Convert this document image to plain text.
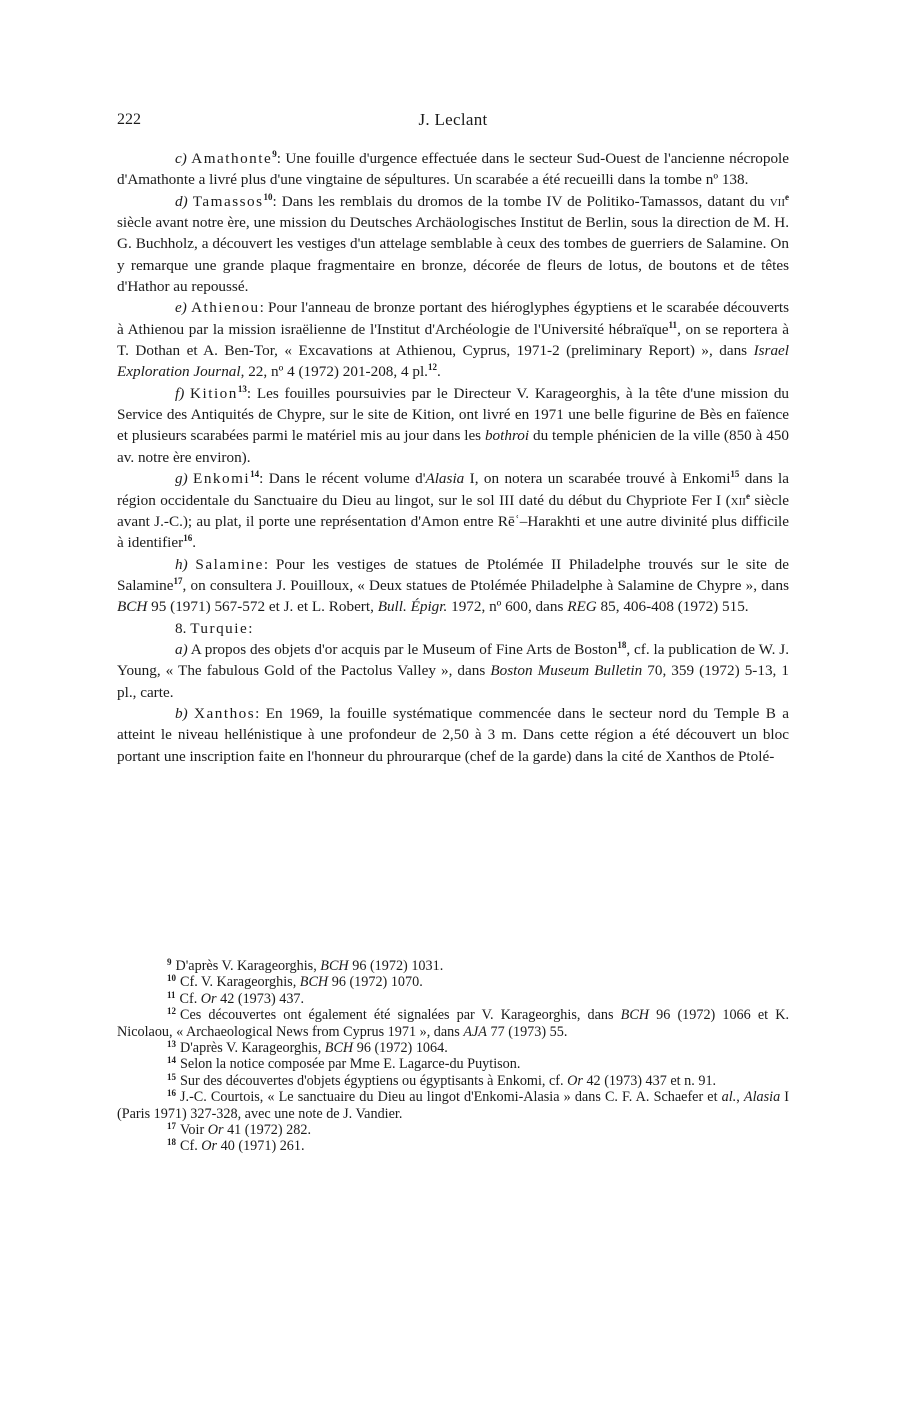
222	J. Leclant

c) Amathonte$^9$: Une fouille d'urgence effectuée dans le secteur Sud-Ouest de l'ancienne nécropole d'Amathonte a livré plus d'une vingtaine de sépultures. Un scarabée a été recueilli dans la tombe nº 138.

d) Tamassos$^{10}$: Dans les remblais du dromos de la tombe IV de Politiko-Tamassos, datant du vii$^e$ siècle avant notre ère, une mission du Deutsches Archäologisches Institut de Berlin, sous la direction de M. H. G. Buchholz, a découvert les vestiges d'un attelage semblable à ceux des tombes de guerriers de Salamine. On y remarque une grande plaque fragmentaire en bronze, décorée de fleurs de lotus, de boutons et de têtes d'Hathor au repoussé.

e) Athienou: Pour l'anneau de bronze portant des hiéroglyphes égyptiens et le scarabée découverts à Athienou par la mission israëlienne de l'Institut d'Archéologie de l'Université hébraïque$^{11}$, on se reportera à T. Dothan et A. Ben-Tor, « Excavations at Athienou, Cyprus, 1971-2 (preliminary Report) », dans Israel Exploration Journal, 22, nº 4 (1972) 201-208, 4 pl.$^{12}$.

f) Kition$^{13}$: Les fouilles poursuivies par le Directeur V. Karageorghis, à la tête d'une mission du Service des Antiquités de Chypre, sur le site de Kition, ont livré en 1971 une belle figurine de Bès en faïence et plusieurs scarabées parmi le matériel mis au jour dans les bothroi du temple phénicien de la ville (850 à 450 av. notre ère environ).

g) Enkomi$^{14}$: Dans le récent volume d'Alasia I, on notera un scarabée trouvé à Enkomi$^{15}$ dans la région occidentale du Sanctuaire du Dieu au lingot, sur le sol III daté du début du Chypriote Fer I (xii$^e$ siècle avant J.-C.); au plat, il porte une représentation d'Amon entre Rēʿ–Harakhti et une autre divinité plus difficile à identifier$^{16}$.

h) Salamine: Pour les vestiges de statues de Ptolémée II Philadelphe trouvés sur le site de Salamine$^{17}$, on consultera J. Pouilloux, « Deux statues de Ptolémée Philadelphe à Salamine de Chypre », dans BCH 95 (1971) 567-572 et J. et L. Robert, Bull. Épigr. 1972, nº 600, dans REG 85, 406-408 (1972) 515.

8. Turquie:

a) A propos des objets d'or acquis par le Museum of Fine Arts de Boston$^{18}$, cf. la publication de W. J. Young, « The fabulous Gold of the Pactolus Valley », dans Boston Museum Bulletin 70, 359 (1972) 5-13, 1 pl., carte.

b) Xanthos: En 1969, la fouille systématique commencée dans le secteur nord du Temple B a atteint le niveau hellénistique à une profondeur de 2,50 à 3 m. Dans cette région a été découvert un bloc portant une inscription faite en l'honneur du phrourarque (chef de la garde) dans la cité de Xanthos de Ptolé-

$^9$ D'après V. Karageorghis, BCH 96 (1972) 1031.

$^{10}$ Cf. V. Karageorghis, BCH 96 (1972) 1070.

$^{11}$ Cf. Or 42 (1973) 437.

$^{12}$ Ces découvertes ont également été signalées par V. Karageorghis, dans BCH 96 (1972) 1066 et K. Nicolaou, « Archaeological News from Cyprus 1971 », dans AJA 77 (1973) 55.

$^{13}$ D'après V. Karageorghis, BCH 96 (1972) 1064.

$^{14}$ Selon la notice composée par Mme E. Lagarce-du Puytison.

$^{15}$ Sur des découvertes d'objets égyptiens ou égyptisants à Enkomi, cf. Or 42 (1973) 437 et n. 91.

$^{16}$ J.-C. Courtois, « Le sanctuaire du Dieu au lingot d'Enkomi-Alasia » dans C. F. A. Schaefer et al., Alasia I (Paris 1971) 327-328, avec une note de J. Vandier.

$^{17}$ Voir Or 41 (1972) 282.

$^{18}$ Cf. Or 40 (1971) 261.
